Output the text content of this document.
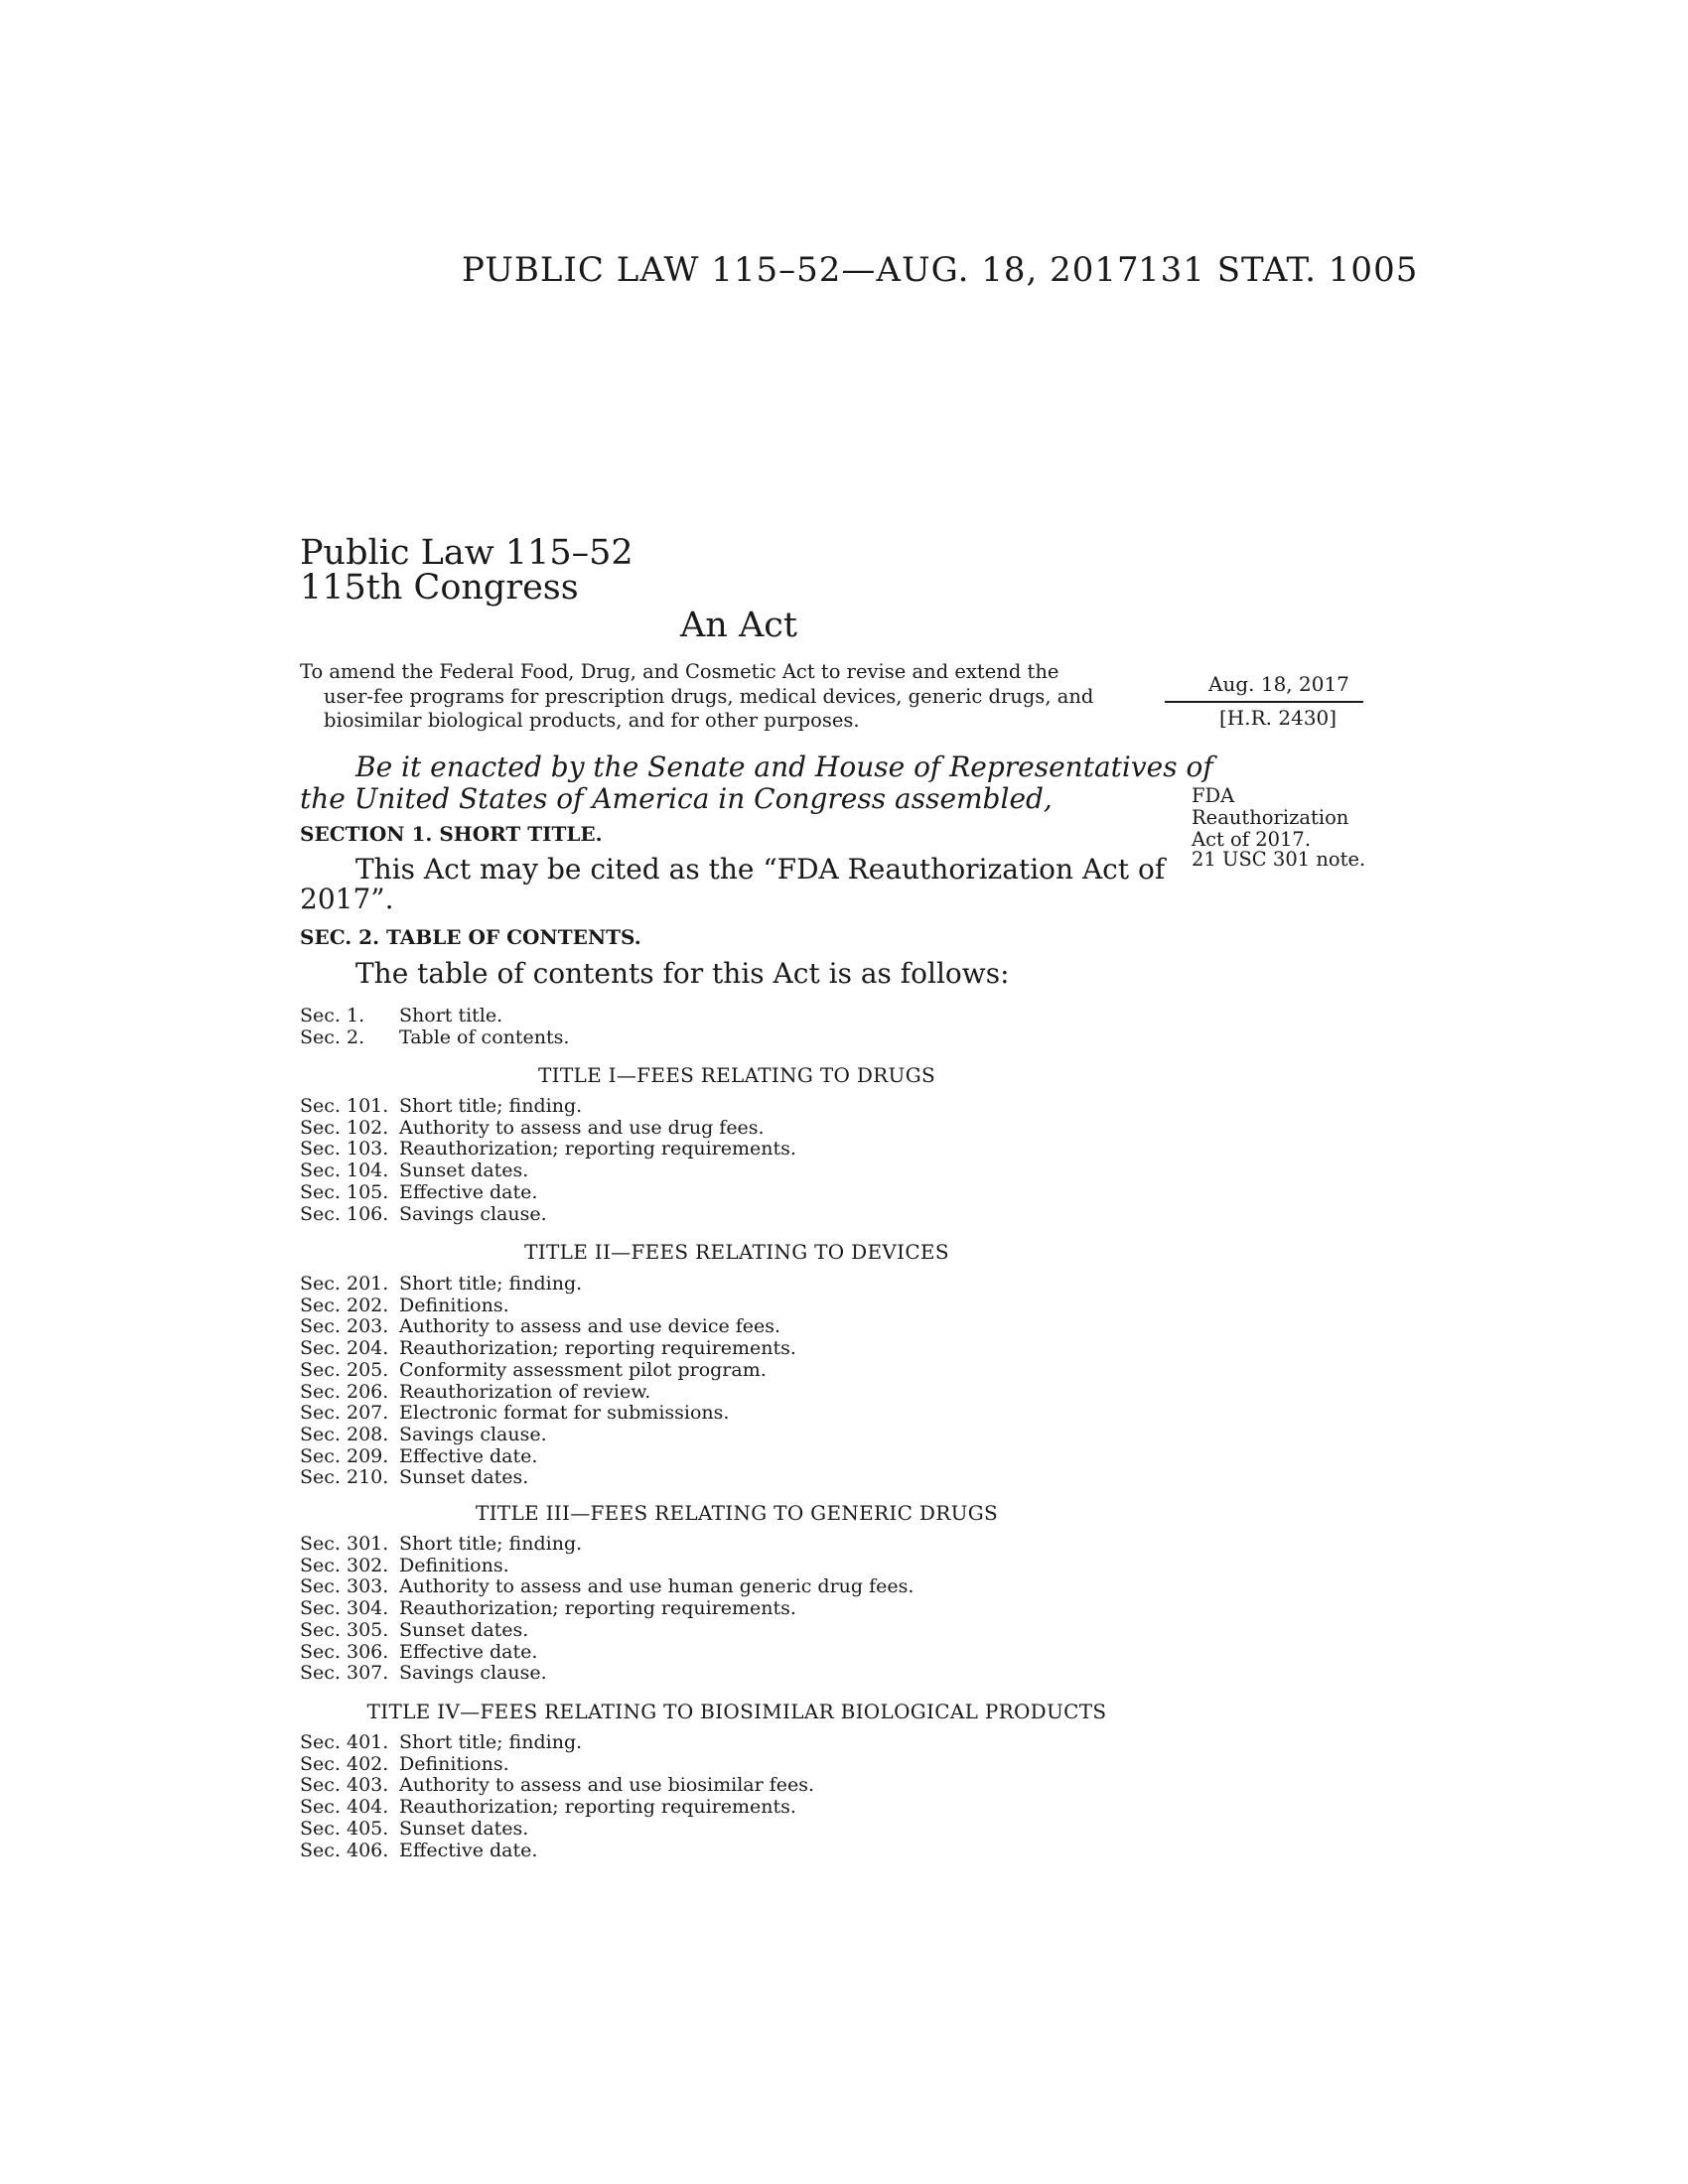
PUBLIC LAW 115–52—AUG. 18, 2017
131 STAT. 1005
Public Law 115–52
115th Congress
An Act
To amend the Federal Food, Drug, and Cosmetic Act to revise and extend the
user-fee programs for prescription drugs, medical devices, generic drugs, and
biosimilar biological products, and for other purposes.
Aug. 18, 2017
[H.R. 2430]
FDA
Reauthorization
Act of 2017.
21 USC 301 note.
Be it enacted by the Senate and House of Representatives of
the United States of America in Congress assembled,
SECTION 1. SHORT TITLE.
This Act may be cited as the “FDA Reauthorization Act of
2017”.
SEC. 2. TABLE OF CONTENTS.
The table of contents for this Act is as follows:
Sec. 1. Short title.
Sec. 2. Table of contents.
TITLE I—FEES RELATING TO DRUGS
Sec. 101. Short title; finding.
Sec. 102. Authority to assess and use drug fees.
Sec. 103. Reauthorization; reporting requirements.
Sec. 104. Sunset dates.
Sec. 105. Effective date.
Sec. 106. Savings clause.
TITLE II—FEES RELATING TO DEVICES
Sec. 201. Short title; finding.
Sec. 202. Definitions.
Sec. 203. Authority to assess and use device fees.
Sec. 204. Reauthorization; reporting requirements.
Sec. 205. Conformity assessment pilot program.
Sec. 206. Reauthorization of review.
Sec. 207. Electronic format for submissions.
Sec. 208. Savings clause.
Sec. 209. Effective date.
Sec. 210. Sunset dates.
TITLE III—FEES RELATING TO GENERIC DRUGS
Sec. 301. Short title; finding.
Sec. 302. Definitions.
Sec. 303. Authority to assess and use human generic drug fees.
Sec. 304. Reauthorization; reporting requirements.
Sec. 305. Sunset dates.
Sec. 306. Effective date.
Sec. 307. Savings clause.
TITLE IV—FEES RELATING TO BIOSIMILAR BIOLOGICAL PRODUCTS
Sec. 401. Short title; finding.
Sec. 402. Definitions.
Sec. 403. Authority to assess and use biosimilar fees.
Sec. 404. Reauthorization; reporting requirements.
Sec. 405. Sunset dates.
Sec. 406. Effective date.
